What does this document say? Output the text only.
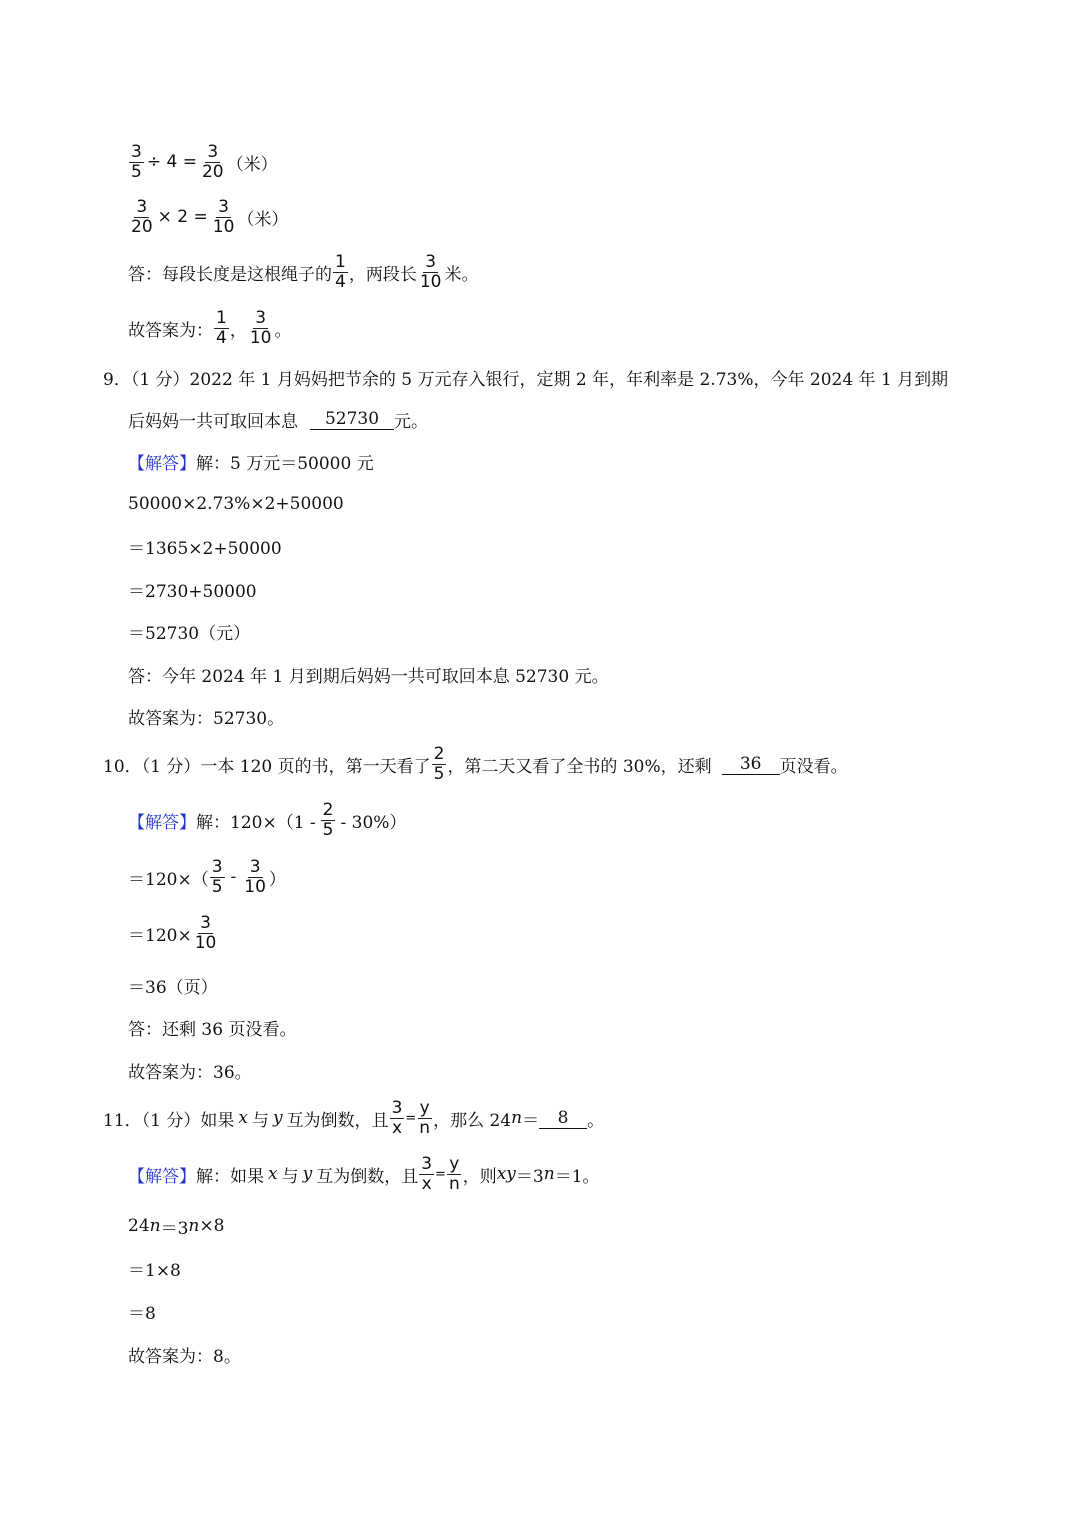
$\frac{3}{5} \div 4 = \frac{3}{20}$ （米）
$\frac{3}{20} \times 2 = \frac{3}{10}$ （米）
答：每段长度是这根绳子的 $\frac{1}{4}$ ，两段长 $\frac{3}{10}$ 米。
故答案为： $\frac{1}{4}$ ， $\frac{3}{10}$ 。
9．（1 分）2022 年 1 月妈妈把节余的 5 万元存入银行，定期 2 年，年利率是 2.73%，今年 2024 年 1 月到期
后妈妈一共可取回本息	52730 元。
【解答】 解：5 万元＝50000 元
50000×2.73%×2+50000
＝1365×2+50000
＝2730+50000
＝52730（元）
答：今年 2024 年 1 月到期后妈妈一共可取回本息 52730 元。
故答案为：52730。
10．（1 分）一本 120 页的书，第一天看了 $\frac{2}{5}$ ，第二天又看了全书的 30%，还剩	36	页没看。
【解答】 解：$120\times(1 - \frac{2}{5} - 30\%)$
$=120\times( \frac{3}{5} - \frac{3}{10}$ ）
$=120\times \frac{3}{10}$
＝36（页）
答：还剩 36 页没看。
故答案为：36。
11．（1 分）如果 x 与 y 互为倒数，且 $\frac{3}{x} = \frac{y}{n}$ ，那么 24 n ＝	8	。
【解答】 解：如果 x 与 y 互为倒数，且 $\frac{3}{x} = \frac{y}{n}$ ，则 xy ＝3 n ＝1。
24 n ＝3 n ×8
＝1×8
＝8
故答案为：8。
